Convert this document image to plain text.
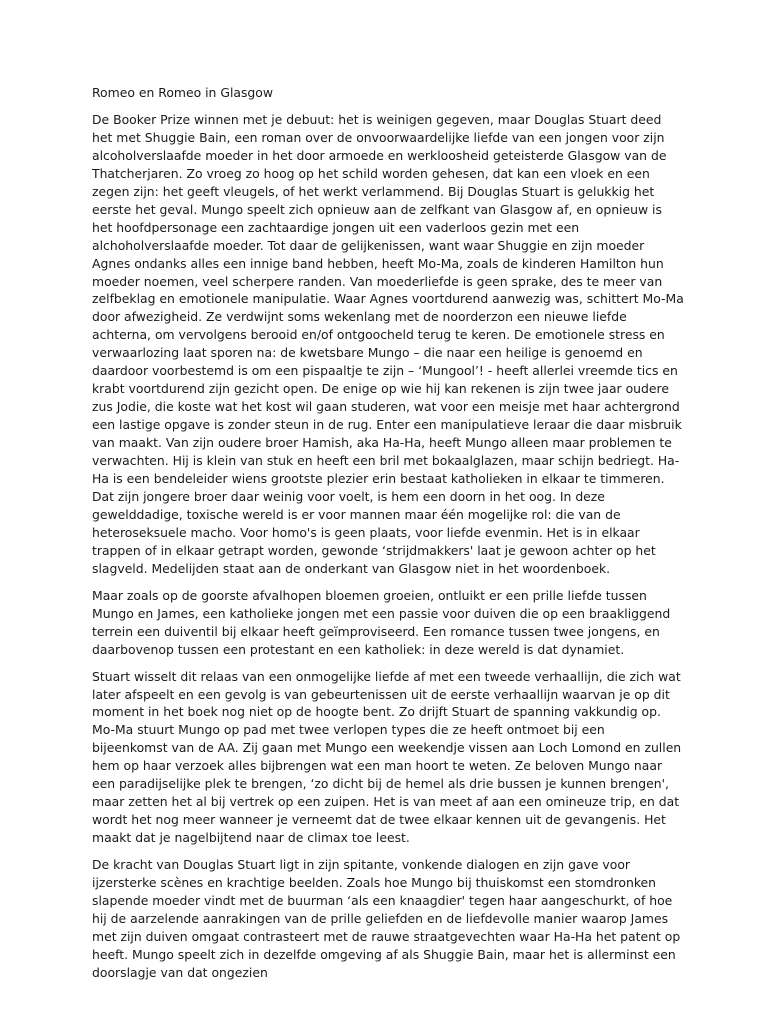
Romeo en Romeo in Glasgow

De Booker Prize winnen met je debuut: het is weinigen gegeven, maar Douglas Stuart deed het met Shuggie Bain, een roman over de onvoorwaardelijke liefde van een jongen voor zijn alcoholverslaafde moeder in het door armoede en werkloosheid geteisterde Glasgow van de Thatcherjaren. Zo vroeg zo hoog op het schild worden gehesen, dat kan een vloek en een zegen zijn: het geeft vleugels, of het werkt verlammend. Bij Douglas Stuart is gelukkig het eerste het geval. Mungo speelt zich opnieuw aan de zelfkant van Glasgow af, en opnieuw is het hoofdpersonage een zachtaardige jongen uit een vaderloos gezin met een alchoholverslaafde moeder. Tot daar de gelijkenissen, want waar Shuggie en zijn moeder Agnes ondanks alles een innige band hebben, heeft Mo-Ma, zoals de kinderen Hamilton hun moeder noemen, veel scherpere randen. Van moederliefde is geen sprake, des te meer van zelfbeklag en emotionele manipulatie. Waar Agnes voortdurend aanwezig was, schittert Mo-Ma door afwezigheid. Ze verdwijnt soms wekenlang met de noorderzon een nieuwe liefde achterna, om vervolgens berooid en/of ontgoocheld terug te keren. De emotionele stress en verwaarlozing laat sporen na: de kwetsbare Mungo – die naar een heilige is genoemd en daardoor voorbestemd is om een pispaaltje te zijn – ‘Mungool’! - heeft allerlei vreemde tics en krabt voortdurend zijn gezicht open. De enige op wie hij kan rekenen is zijn twee jaar oudere zus Jodie, die koste wat het kost wil gaan studeren, wat voor een meisje met haar achtergrond een lastige opgave is zonder steun in de rug. Enter een manipulatieve leraar die daar misbruik van maakt. Van zijn oudere broer Hamish, aka Ha-Ha, heeft Mungo alleen maar problemen te verwachten. Hij is klein van stuk en heeft een bril met bokaalglazen, maar schijn bedriegt. Ha-Ha is een bendeleider wiens grootste plezier erin bestaat katholieken in elkaar te timmeren. Dat zijn jongere broer daar weinig voor voelt, is hem een doorn in het oog. In deze gewelddadige, toxische wereld is er voor mannen maar één mogelijke rol: die van de heteroseksuele macho. Voor homo's is geen plaats, voor liefde evenmin. Het is in elkaar trappen of in elkaar getrapt worden, gewonde ‘strijdmakkers' laat je gewoon achter op het slagveld. Medelijden staat aan de onderkant van Glasgow niet in het woordenboek.

Maar zoals op de goorste afvalhopen bloemen groeien, ontluikt er een prille liefde tussen Mungo en James, een katholieke jongen met een passie voor duiven die op een braakliggend terrein een duiventil bij elkaar heeft geïmproviseerd. Een romance tussen twee jongens, en daarbovenop tussen een protestant en een katholiek: in deze wereld is dat dynamiet.

Stuart wisselt dit relaas van een onmogelijke liefde af met een tweede verhaallijn, die zich wat later afspeelt en een gevolg is van gebeurtenissen uit de eerste verhaallijn waarvan je op dit moment in het boek nog niet op de hoogte bent. Zo drijft Stuart de spanning vakkundig op. Mo-Ma stuurt Mungo op pad met twee verlopen types die ze heeft ontmoet bij een bijeenkomst van de AA. Zij gaan met Mungo een weekendje vissen aan Loch Lomond en zullen hem op haar verzoek alles bijbrengen wat een man hoort te weten. Ze beloven Mungo naar een paradijselijke plek te brengen, ‘zo dicht bij de hemel als drie bussen je kunnen brengen', maar zetten het al bij vertrek op een zuipen. Het is van meet af aan een omineuze trip, en dat wordt het nog meer wanneer je verneemt dat de twee elkaar kennen uit de gevangenis. Het maakt dat je nagelbijtend naar de climax toe leest.

De kracht van Douglas Stuart ligt in zijn spitante, vonkende dialogen en zijn gave voor ijzersterke scènes en krachtige beelden. Zoals hoe Mungo bij thuiskomst een stomdronken slapende moeder vindt met de buurman ‘als een knaagdier' tegen haar aangeschurkt, of hoe hij de aarzelende aanrakingen van de prille geliefden en de liefdevolle manier waarop James met zijn duiven omgaat contrasteert met de rauwe straatgevechten waar Ha-Ha het patent op heeft. Mungo speelt zich in dezelfde omgeving af als Shuggie Bain, maar het is allerminst een doorslagje van dat ongezien
